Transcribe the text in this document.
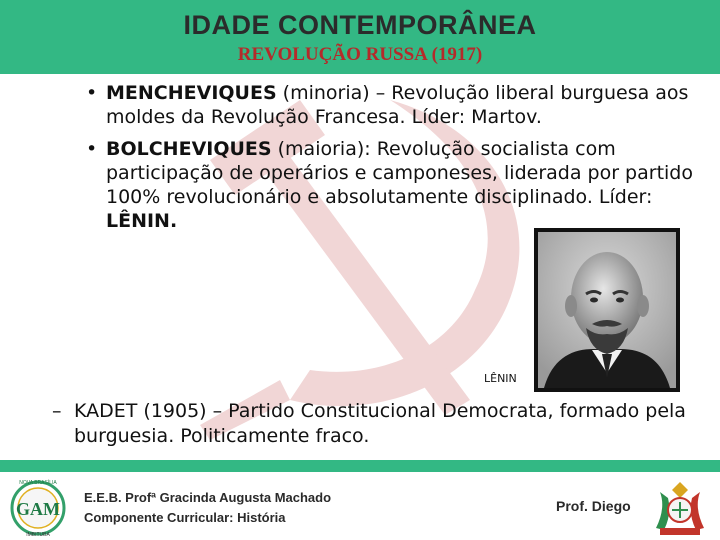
IDADE CONTEMPORÂNEA
REVOLUÇÃO RUSSA (1917)
• MENCHEVIQUES (minoria) – Revolução liberal burguesa aos moldes da Revolução Francesa. Líder: Martov.
• BOLCHEVIQUES (maioria): Revolução socialista com participação de operários e camponeses, liderada por partido 100% revolucionário e absolutamente disciplinado. Líder: LÊNIN.
LÊNIN
– KADET (1905) – Partido Constitucional Democrata, formado pela burguesia. Politicamente fraco.
NOVA BRASÍLIA
GAM
IMBITUBA
E.E.B. Profª Gracinda Augusta Machado
Componente Curricular: História
Prof. Diego
